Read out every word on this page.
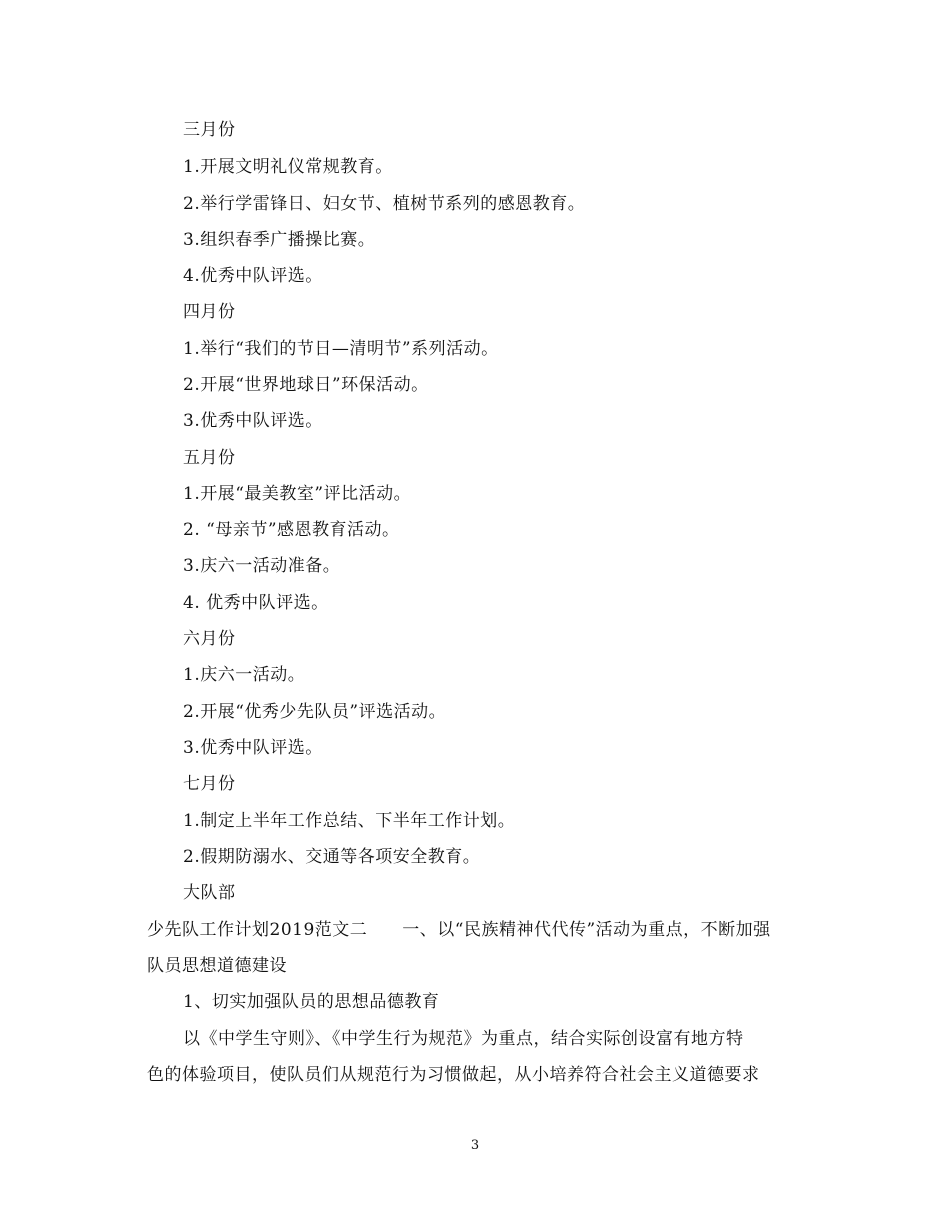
三月份
1.开展文明礼仪常规教育。
2.举行学雷锋日、妇女节、植树节系列的感恩教育。
3.组织春季广播操比赛。
4.优秀中队评选。
四月份
1.举行“我们的节日—清明节”系列活动。
2.开展“世界地球日”环保活动。
3.优秀中队评选。
五月份
1.开展“最美教室”评比活动。
2. “母亲节”感恩教育活动。
3.庆六一活动准备。
4. 优秀中队评选。
六月份
1.庆六一活动。
2.开展“优秀少先队员”评选活动。
3.优秀中队评选。
七月份
1.制定上半年工作总结、下半年工作计划。
2.假期防溺水、交通等各项安全教育。
大队部
少先队工作计划2019范文二　　一、以“民族精神代代传”活动为重点，不断加强
队员思想道德建设
1、切实加强队员的思想品德教育
以《中学生守则》、《中学生行为规范》为重点，结合实际创设富有地方特
色的体验项目，使队员们从规范行为习惯做起，从小培养符合社会主义道德要求
3
